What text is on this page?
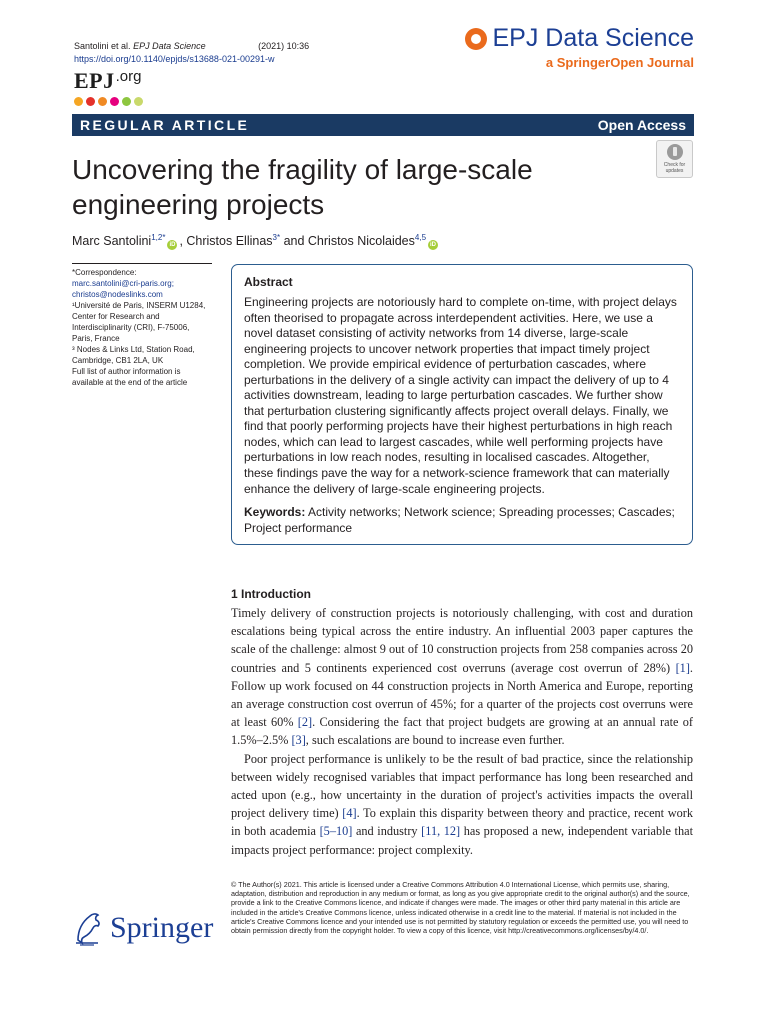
Santolini et al. EPJ Data Science	(2021) 10:36
https://doi.org/10.1140/epjds/s13688-021-00291-w
EPJ.org
EPJ Data Science
a SpringerOpen Journal
REGULAR ARTICLE	Open Access
Check for updates
Uncovering the fragility of large-scale engineering projects
Marc Santolini$^{1,2*}$iD , Christos Ellinas$^{3*}$ and Christos Nicolaides$^{4,5}$iD
*Correspondence:
marc.santolini@cri-paris.org;
christos@nodeslinks.com
¹Université de Paris, INSERM U1284, Center for Research and Interdisciplinarity (CRI), F-75006, Paris, France
³ Nodes & Links Ltd, Station Road, Cambridge, CB1 2LA, UK
Full list of author information is available at the end of the article
Abstract

Engineering projects are notoriously hard to complete on-time, with project delays often theorised to propagate across interdependent activities. Here, we use a novel dataset consisting of activity networks from 14 diverse, large-scale engineering projects to uncover network properties that impact timely project completion. We provide empirical evidence of perturbation cascades, where perturbations in the delivery of a single activity can impact the delivery of up to 4 activities downstream, leading to large perturbation cascades. We further show that perturbation clustering significantly affects project overall delays. Finally, we find that poorly performing projects have their highest perturbations in high reach nodes, which can lead to largest cascades, while well performing projects have perturbations in low reach nodes, resulting in localised cascades. Altogether, these findings pave the way for a network-science framework that can materially enhance the delivery of large-scale engineering projects.

Keywords: Activity networks; Network science; Spreading processes; Cascades; Project performance
1 Introduction

Timely delivery of construction projects is notoriously challenging, with cost and duration escalations being typical across the entire industry. An influential 2003 paper captures the scale of the challenge: almost 9 out of 10 construction projects from 258 companies across 20 countries and 5 continents experienced cost overruns (average cost overrun of 28%) [1]. Follow up work focused on 44 construction projects in North America and Europe, reporting an average construction cost overrun of 45%; for a quarter of the projects cost overruns were at least 60% [2]. Considering the fact that project budgets are growing at an annual rate of 1.5%–2.5% [3], such escalations are bound to increase even further.

Poor project performance is unlikely to be the result of bad practice, since the relationship between widely recognised variables that impact performance has long been researched and acted upon (e.g., how uncertainty in the duration of project's activities impacts the overall project delivery time) [4]. To explain this disparity between theory and practice, recent work in both academia [5–10] and industry [11, 12] has proposed a new, independent variable that impacts project performance: project complexity.

© The Author(s) 2021. This article is licensed under a Creative Commons Attribution 4.0 International License, which permits use, sharing, adaptation, distribution and reproduction in any medium or format, as long as you give appropriate credit to the original author(s) and the source, provide a link to the Creative Commons licence, and indicate if changes were made. The images or other third party material in this article are included in the article's Creative Commons licence, unless indicated otherwise in a credit line to the material. If material is not included in the article's Creative Commons licence and your intended use is not permitted by statutory regulation or exceeds the permitted use, you will need to obtain permission directly from the copyright holder. To view a copy of this licence, visit http://creativecommons.org/licenses/by/4.0/.
Springer
